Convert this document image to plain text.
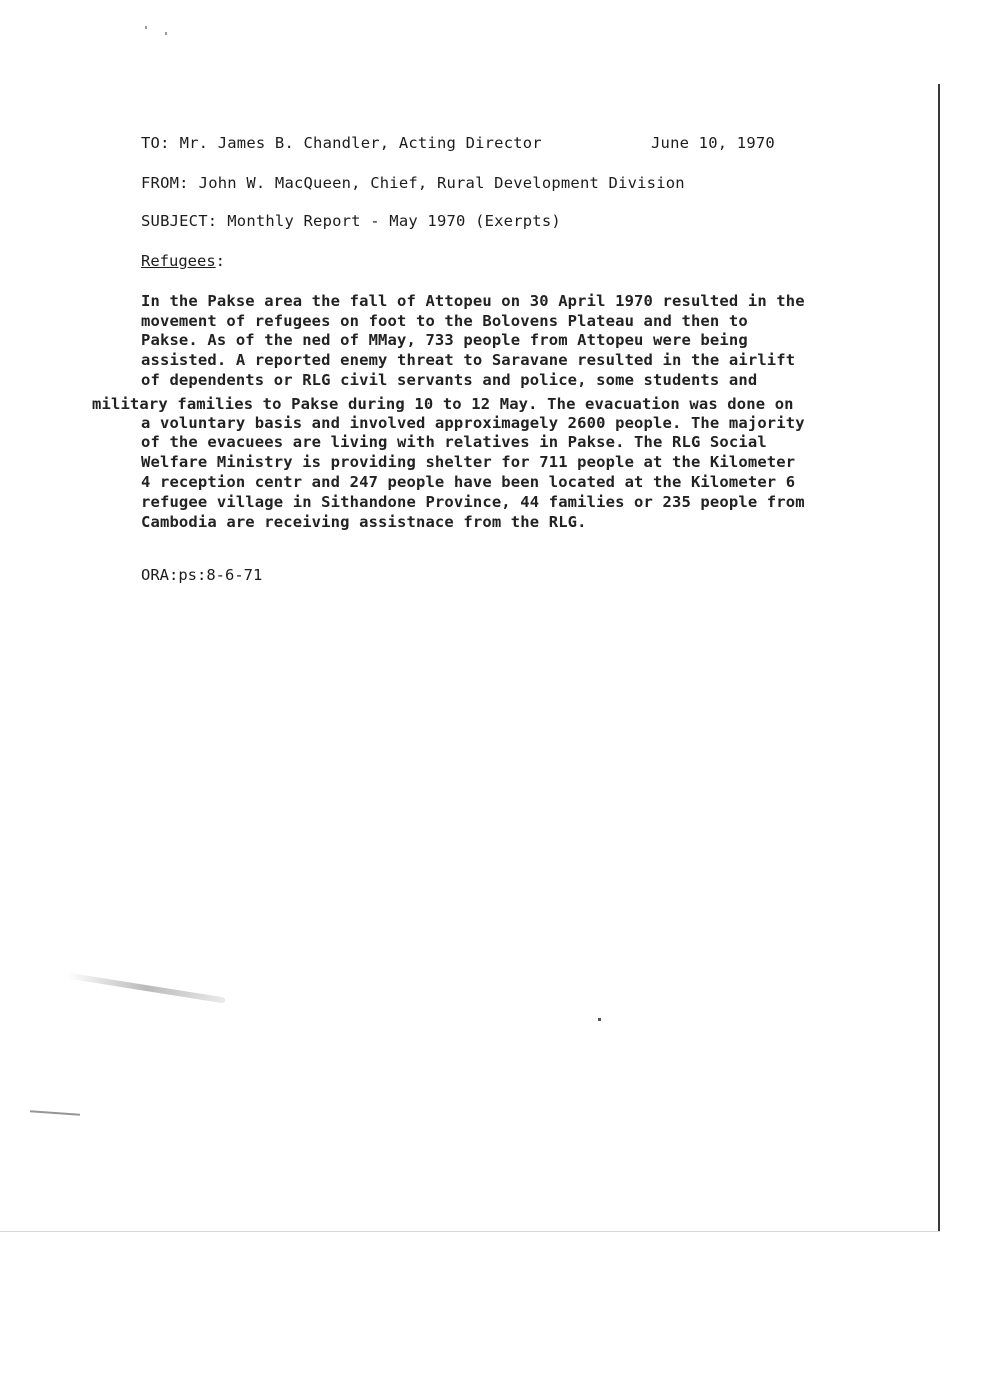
TO: Mr. James B. Chandler, Acting Director	June 10, 1970
FROM: John W. MacQueen, Chief, Rural Development Division
SUBJECT: Monthly Report - May 1970 (Exerpts)
Refugees:
In the Pakse area the fall of Attopeu on 30 April 1970 resulted in the
movement of refugees on foot to the Bolovens Plateau and then to
Pakse. As of the ned of MMay, 733 people from Attopeu were being
assisted. A reported enemy threat to Saravane resulted in the airlift
of dependents or RLG civil servants and police, some students and
military families to Pakse during 10 to 12 May. The evacuation was done on
a voluntary basis and involved approximagely 2600 people. The majority
of the evacuees are living with relatives in Pakse. The RLG Social
Welfare Ministry is providing shelter for 711 people at the Kilometer
4 reception centr and 247 people have been located at the Kilometer 6
refugee village in Sithandone Province, 44 families or 235 people from
Cambodia are receiving assistnace from the RLG.
ORA:ps:8-6-71
